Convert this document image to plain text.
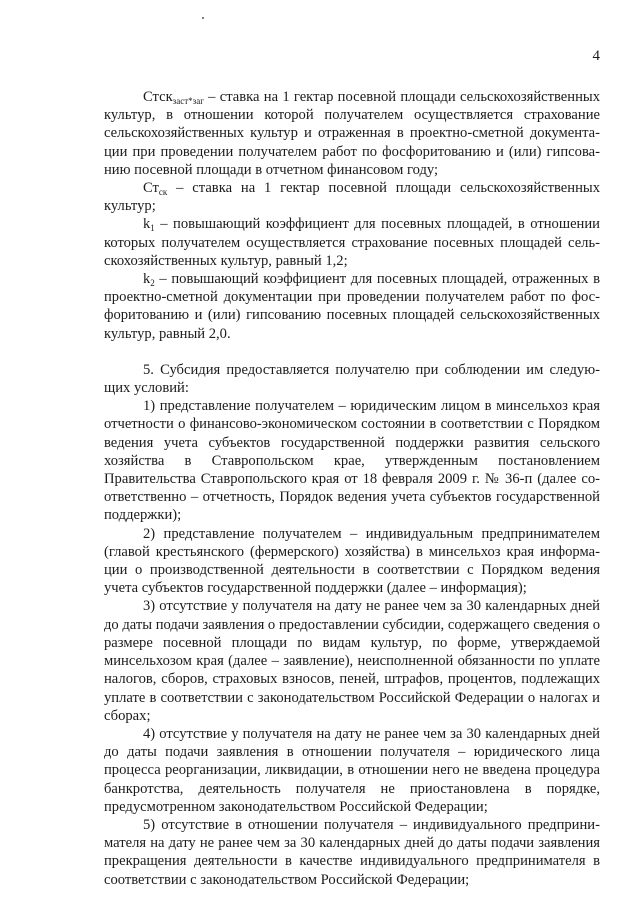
4

Стск$_{заст*заг}$ – ставка на 1 гектар посевной площади сельскохозяйственных культур, в отношении которой получателем осуществляется страхование сельскохозяйственных культур и отраженная в проектно-сметной документации при проведении получателем работ по фосфоритованию и (или) гипсованию посевной площади в отчетном финансовом году;

$Ст_{ск}$ – ставка на 1 гектар посевной площади сельскохозяйственных культур;

$k_1$ – повышающий коэффициент для посевных площадей, в отношении которых получателем осуществляется страхование посевных площадей сельскохозяйственных культур, равный 1,2;

$k_2$ – повышающий коэффициент для посевных площадей, отраженных в проектно-сметной документации при проведении получателем работ по фосфоритованию и (или) гипсованию посевных площадей сельскохозяйственных культур, равный 2,0.

5. Субсидия предоставляется получателю при соблюдении им следующих условий:

1) представление получателем – юридическим лицом в минсельхоз края отчетности о финансово-экономическом состоянии в соответствии с Порядком ведения учета субъектов государственной поддержки развития сельского хозяйства в Ставропольском крае, утвержденным постановлением Правительства Ставропольского края от 18 февраля 2009 г. № 36-п (далее соответственно – отчетность, Порядок ведения учета субъектов государственной поддержки);

2) представление получателем – индивидуальным предпринимателем (главой крестьянского (фермерского) хозяйства) в минсельхоз края информации о производственной деятельности в соответствии с Порядком ведения учета субъектов государственной поддержки (далее – информация);

3) отсутствие у получателя на дату не ранее чем за 30 календарных дней до даты подачи заявления о предоставлении субсидии, содержащего сведения о размере посевной площади по видам культур, по форме, утверждаемой минсельхозом края (далее – заявление), неисполненной обязанности по уплате налогов, сборов, страховых взносов, пеней, штрафов, процентов, подлежащих уплате в соответствии с законодательством Российской Федерации о налогах и сборах;

4) отсутствие у получателя на дату не ранее чем за 30 календарных дней до даты подачи заявления в отношении получателя – юридического лица процесса реорганизации, ликвидации, в отношении него не введена процедура банкротства, деятельность получателя не приостановлена в порядке, предусмотренном законодательством Российской Федерации;

5) отсутствие в отношении получателя – индивидуального предпринимателя на дату не ранее чем за 30 календарных дней до даты подачи заявления прекращения деятельности в качестве индивидуального предпринимателя в соответствии с законодательством Российской Федерации;
